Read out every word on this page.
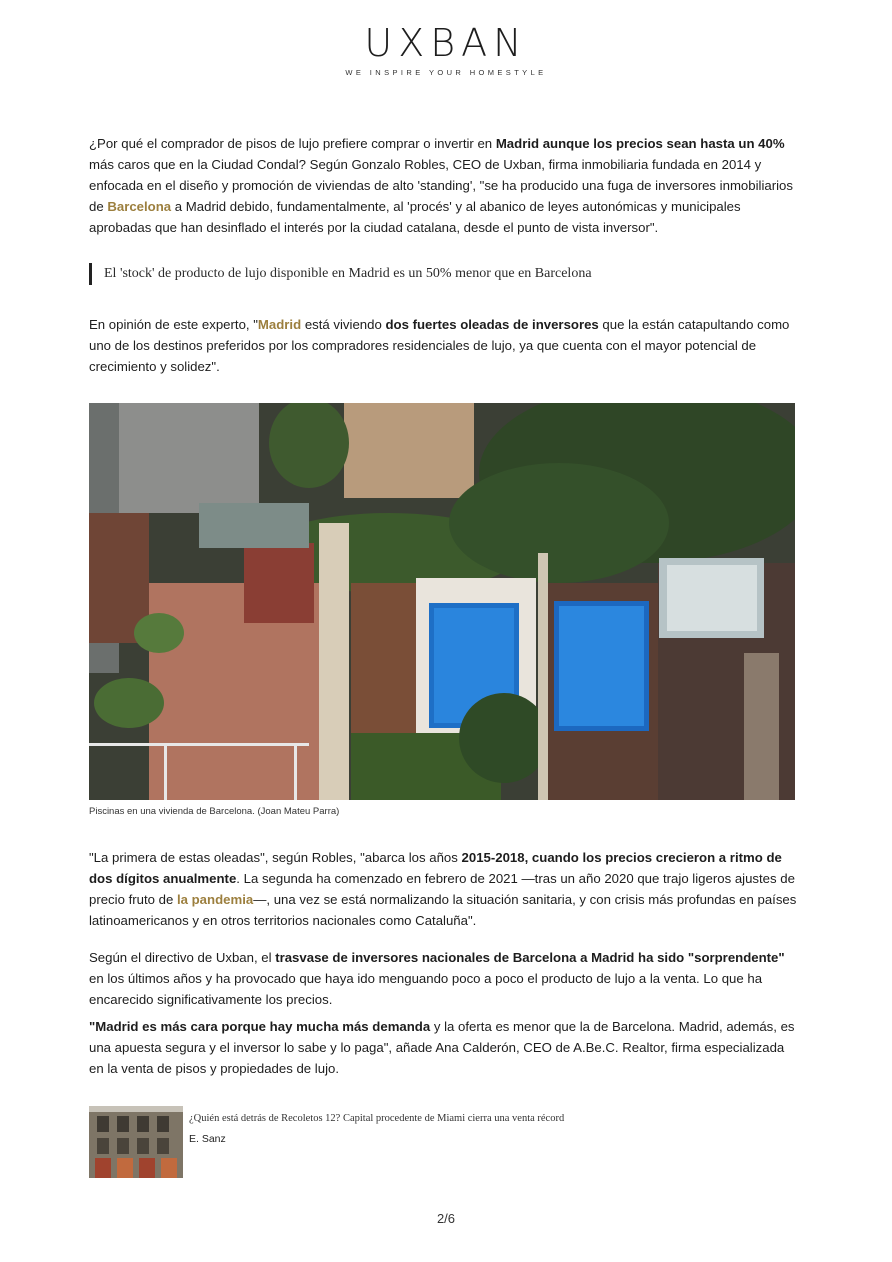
UXBAN
WE INSPIRE YOUR HOMESTYLE

¿Por qué el comprador de pisos de lujo prefiere comprar o invertir en Madrid aunque los precios sean hasta un 40% más caros que en la Ciudad Condal? Según Gonzalo Robles, CEO de Uxban, firma inmobiliaria fundada en 2014 y enfocada en el diseño y promoción de viviendas de alto 'standing', "se ha producido una fuga de inversores inmobiliarios de Barcelona a Madrid debido, fundamentalmente, al 'procés' y al abanico de leyes autonómicas y municipales aprobadas que han desinflado el interés por la ciudad catalana, desde el punto de vista inversor".

El 'stock' de producto de lujo disponible en Madrid es un 50% menor que en Barcelona

En opinión de este experto, "Madrid está viviendo dos fuertes oleadas de inversores que la están catapultando como uno de los destinos preferidos por los compradores residenciales de lujo, ya que cuenta con el mayor potencial de crecimiento y solidez".

Piscinas en una vivienda de Barcelona. (Joan Mateu Parra)

"La primera de estas oleadas", según Robles, "abarca los años 2015-2018, cuando los precios crecieron a ritmo de dos dígitos anualmente. La segunda ha comenzado en febrero de 2021 —tras un año 2020 que trajo ligeros ajustes de precio fruto de la pandemia—, una vez se está normalizando la situación sanitaria, y con crisis más profundas en países latinoamericanos y en otros territorios nacionales como Cataluña".

Según el directivo de Uxban, el trasvase de inversores nacionales de Barcelona a Madrid ha sido "sorprendente" en los últimos años y ha provocado que haya ido menguando poco a poco el producto de lujo a la venta. Lo que ha encarecido significativamente los precios.

"Madrid es más cara porque hay mucha más demanda y la oferta es menor que la de Barcelona. Madrid, además, es una apuesta segura y el inversor lo sabe y lo paga", añade Ana Calderón, CEO de A.Be.C. Realtor, firma especializada en la venta de pisos y propiedades de lujo.

¿Quién está detrás de Recoletos 12? Capital procedente de Miami cierra una venta récord
E. Sanz
2/6
